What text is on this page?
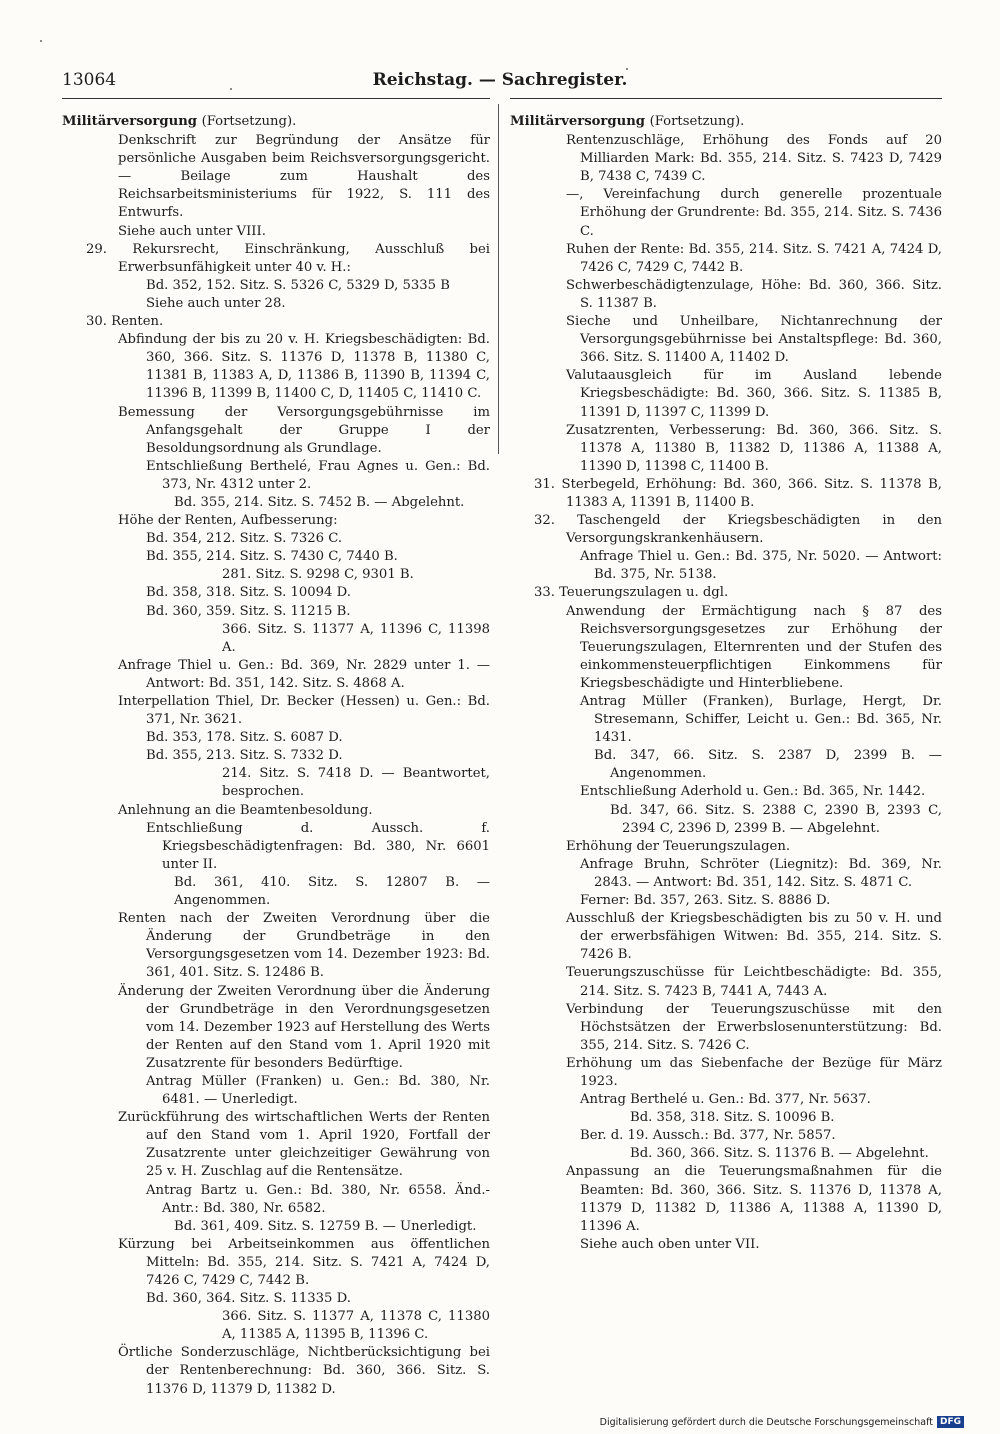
13064	Reichstag. — Sachregister.
Militärversorgung (Fortsetzung).
Denkschrift zur Begründung der Ansätze für persönliche Ausgaben beim Reichsversorgungsgericht. — Beilage zum Haushalt des Reichsarbeitsministeriums für 1922, S. 111 des Entwurfs.
Siehe auch unter VIII.
29. Rekursrecht, Einschränkung, Ausschluß bei Erwerbsunfähigkeit unter 40 v. H.:
Bd. 352, 152. Sitz. S. 5326 C, 5329 D, 5335 B
Siehe auch unter 28.
30. Renten.
Abfindung der bis zu 20 v. H. Kriegsbeschädigten: Bd. 360, 366. Sitz. S. 11376 D, 11378 B, 11380 C, 11381 B, 11383 A, D, 11386 B, 11390 B, 11394 C, 11396 B, 11399 B, 11400 C, D, 11405 C, 11410 C.
Bemessung der Versorgungsgebührnisse im Anfangsgehalt der Gruppe I der Besoldungsordnung als Grundlage.
Entschließung Berthelé, Frau Agnes u. Gen.: Bd. 373, Nr. 4312 unter 2.
Bd. 355, 214. Sitz. S. 7452 B. — Abgelehnt.
Höhe der Renten, Aufbesserung:
Bd. 354, 212. Sitz. S. 7326 C.
Bd. 355, 214. Sitz. S. 7430 C, 7440 B.
281. Sitz. S. 9298 C, 9301 B.
Bd. 358, 318. Sitz. S. 10094 D.
Bd. 360, 359. Sitz. S. 11215 B.
366. Sitz. S. 11377 A, 11396 C, 11398 A.
Anfrage Thiel u. Gen.: Bd. 369, Nr. 2829 unter 1. — Antwort: Bd. 351, 142. Sitz. S. 4868 A.
Interpellation Thiel, Dr. Becker (Hessen) u. Gen.: Bd. 371, Nr. 3621.
Bd. 353, 178. Sitz. S. 6087 D.
Bd. 355, 213. Sitz. S. 7332 D.
214. Sitz. S. 7418 D. — Beantwortet, besprochen.
Anlehnung an die Beamtenbesoldung.
Entschließung d. Aussch. f. Kriegsbeschädigtenfragen: Bd. 380, Nr. 6601 unter II.
Bd. 361, 410. Sitz. S. 12807 B. — Angenommen.
Renten nach der Zweiten Verordnung über die Änderung der Grundbeträge in den Versorgungsgesetzen vom 14. Dezember 1923: Bd. 361, 401. Sitz. S. 12486 B.
Änderung der Zweiten Verordnung über die Änderung der Grundbeträge in den Verordnungsgesetzen vom 14. Dezember 1923 auf Herstellung des Werts der Renten auf den Stand vom 1. April 1920 mit Zusatzrente für besonders Bedürftige.
Antrag Müller (Franken) u. Gen.: Bd. 380, Nr. 6481. — Unerledigt.
Zurückführung des wirtschaftlichen Werts der Renten auf den Stand vom 1. April 1920, Fortfall der Zusatzrente unter gleichzeitiger Gewährung von 25 v. H. Zuschlag auf die Rentensätze.
Antrag Bartz u. Gen.: Bd. 380, Nr. 6558. Änd.-Antr.: Bd. 380, Nr. 6582.
Bd. 361, 409. Sitz. S. 12759 B. — Unerledigt.
Kürzung bei Arbeitseinkommen aus öffentlichen Mitteln: Bd. 355, 214. Sitz. S. 7421 A, 7424 D, 7426 C, 7429 C, 7442 B.
Bd. 360, 364. Sitz. S. 11335 D.
366. Sitz. S. 11377 A, 11378 C, 11380 A, 11385 A, 11395 B, 11396 C.
Örtliche Sonderzuschläge, Nichtberücksichtigung bei der Rentenberechnung: Bd. 360, 366. Sitz. S. 11376 D, 11379 D, 11382 D.
Militärversorgung (Fortsetzung).
Rentenzuschläge, Erhöhung des Fonds auf 20 Milliarden Mark: Bd. 355, 214. Sitz. S. 7423 D, 7429 B, 7438 C, 7439 C.
—, Vereinfachung durch generelle prozentuale Erhöhung der Grundrente: Bd. 355, 214. Sitz. S. 7436 C.
Ruhen der Rente: Bd. 355, 214. Sitz. S. 7421 A, 7424 D, 7426 C, 7429 C, 7442 B.
Schwerbeschädigtenzulage, Höhe: Bd. 360, 366. Sitz. S. 11387 B.
Sieche und Unheilbare, Nichtanrechnung der Versorgungsgebührnisse bei Anstaltspflege: Bd. 360, 366. Sitz. S. 11400 A, 11402 D.
Valutaausgleich für im Ausland lebende Kriegsbeschädigte: Bd. 360, 366. Sitz. S. 11385 B, 11391 D, 11397 C, 11399 D.
Zusatzrenten, Verbesserung: Bd. 360, 366. Sitz. S. 11378 A, 11380 B, 11382 D, 11386 A, 11388 A, 11390 D, 11398 C, 11400 B.
31. Sterbegeld, Erhöhung: Bd. 360, 366. Sitz. S. 11378 B, 11383 A, 11391 B, 11400 B.
32. Taschengeld der Kriegsbeschädigten in den Versorgungskrankenhäusern.
Anfrage Thiel u. Gen.: Bd. 375, Nr. 5020. — Antwort: Bd. 375, Nr. 5138.
33. Teuerungszulagen u. dgl.
Anwendung der Ermächtigung nach § 87 des Reichsversorgungsgesetzes zur Erhöhung der Teuerungszulagen, Elternrenten und der Stufen des einkommensteuerpflichtigen Einkommens für Kriegsbeschädigte und Hinterbliebene.
Antrag Müller (Franken), Burlage, Hergt, Dr. Stresemann, Schiffer, Leicht u. Gen.: Bd. 365, Nr. 1431.
Bd. 347, 66. Sitz. S. 2387 D, 2399 B. — Angenommen.
Entschließung Aderhold u. Gen.: Bd. 365, Nr. 1442.
Bd. 347, 66. Sitz. S. 2388 C, 2390 B, 2393 C, 2394 C, 2396 D, 2399 B. — Abgelehnt.
Erhöhung der Teuerungszulagen.
Anfrage Bruhn, Schröter (Liegnitz): Bd. 369, Nr. 2843. — Antwort: Bd. 351, 142. Sitz. S. 4871 C.
Ferner: Bd. 357, 263. Sitz. S. 8886 D.
Ausschluß der Kriegsbeschädigten bis zu 50 v. H. und der erwerbsfähigen Witwen: Bd. 355, 214. Sitz. S. 7426 B.
Teuerungszuschüsse für Leichtbeschädigte: Bd. 355, 214. Sitz. S. 7423 B, 7441 A, 7443 A.
Verbindung der Teuerungszuschüsse mit den Höchstsätzen der Erwerbslosenunterstützung: Bd. 355, 214. Sitz. S. 7426 C.
Erhöhung um das Siebenfache der Bezüge für März 1923.
Antrag Berthelé u. Gen.: Bd. 377, Nr. 5637.
Bd. 358, 318. Sitz. S. 10096 B.
Ber. d. 19. Aussch.: Bd. 377, Nr. 5857.
Bd. 360, 366. Sitz. S. 11376 B. — Abgelehnt.
Anpassung an die Teuerungsmaßnahmen für die Beamten: Bd. 360, 366. Sitz. S. 11376 D, 11378 A, 11379 D, 11382 D, 11386 A, 11388 A, 11390 D, 11396 A.
Siehe auch oben unter VII.
Digitalisierung gefördert durch die Deutsche Forschungsgemeinschaft DFG
